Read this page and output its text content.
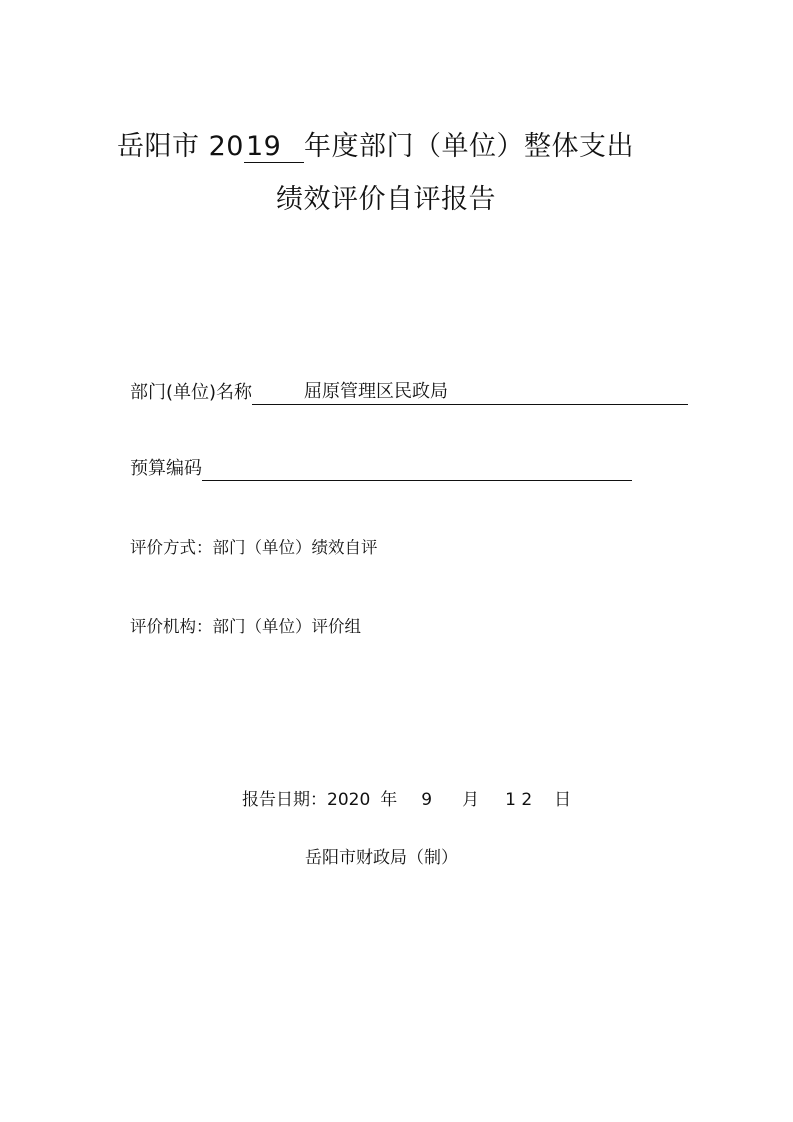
岳阳市 2019 年度部门（单位）整体支出
绩效评价自评报告
部门(单位)名称	屈原管理区民政局
预算编码
评价方式：部门（单位）绩效自评
评价机构：部门（单位）评价组
报告日期：2020 年 9 月 1 2 日
岳阳市财政局（制）
